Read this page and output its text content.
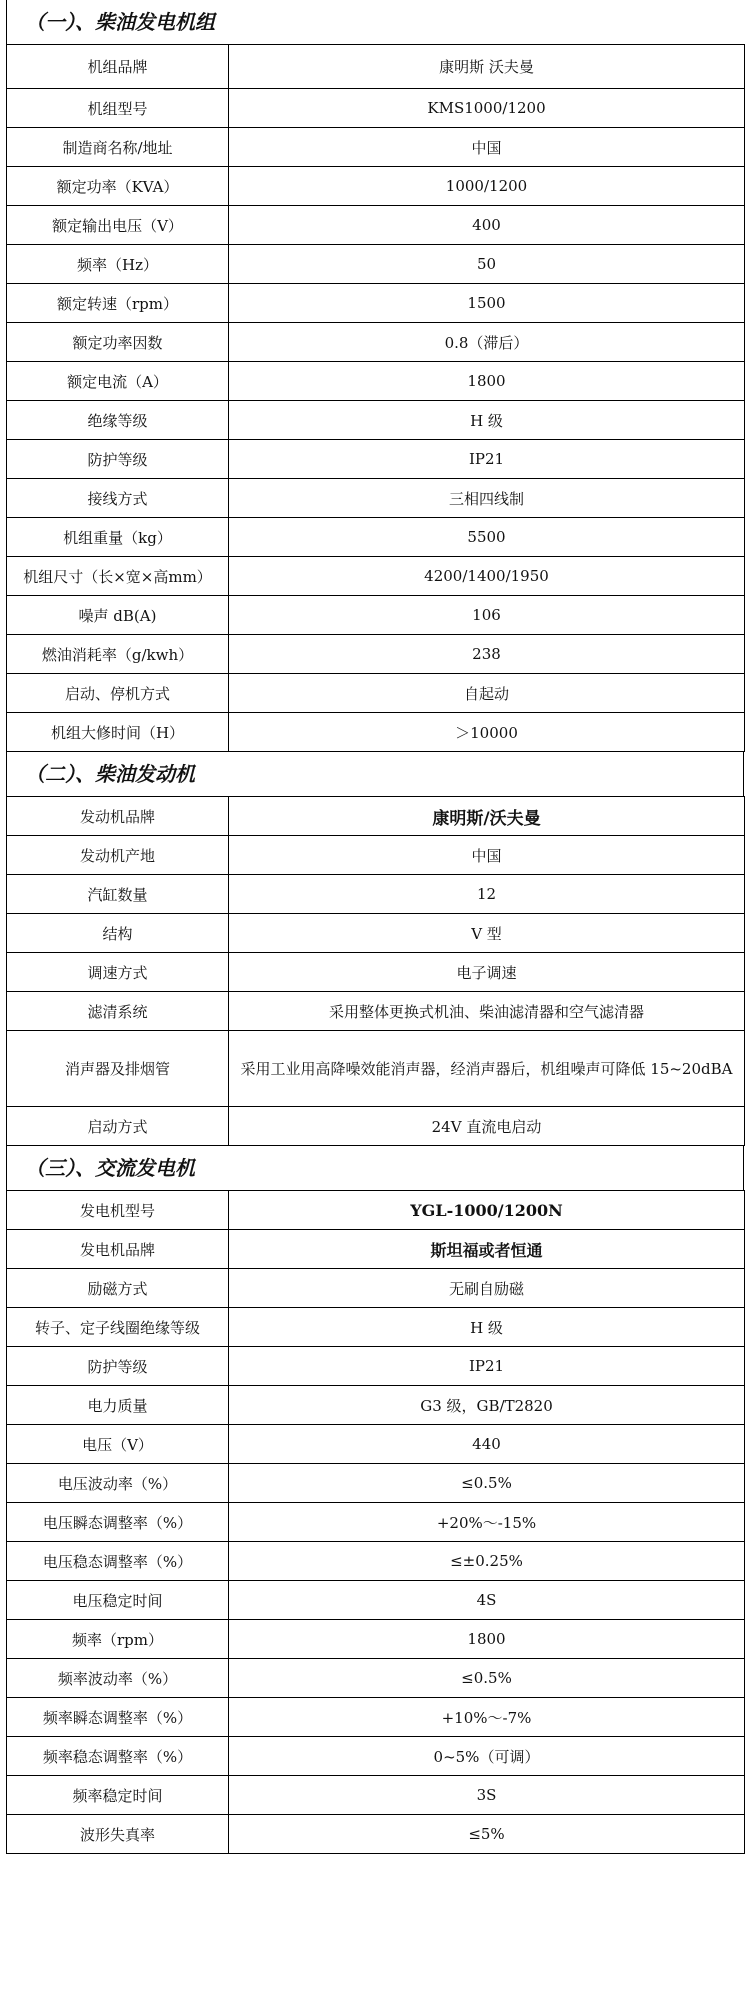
（一）、柴油发电机组
机组品牌	康明斯 沃夫曼
机组型号	KMS1000/1200
制造商名称/地址	中国
额定功率（KVA）	1000/1200
额定输出电压（V）	400
频率（Hz）	50
额定转速（rpm）	1500
额定功率因数	0.8（滞后）
额定电流（A）	1800
绝缘等级	H 级
防护等级	IP21
接线方式	三相四线制
机组重量（kg）	5500
机组尺寸（长×宽×高mm）	4200/1400/1950
噪声 dB(A)	106
燃油消耗率（g/kwh）	238
启动、停机方式	自起动
机组大修时间（H）	＞10000
（二）、柴油发动机
发动机品牌	康明斯/沃夫曼
发动机产地	中国
汽缸数量	12
结构	V 型
调速方式	电子调速
滤清系统	采用整体更换式机油、柴油滤清器和空气滤清器
消声器及排烟管	采用工业用高降噪效能消声器，经消声器后，机组噪声可降低 15~20dBA
启动方式	24V 直流电启动
（三）、交流发电机
发电机型号	YGL-1000/1200N
发电机品牌	斯坦福或者恒通
励磁方式	无刷自励磁
转子、定子线圈绝缘等级	H 级
防护等级	IP21
电力质量	G3 级，GB/T2820
电压（V）	440
电压波动率（%）	≤0.5%
电压瞬态调整率（%）	+20%～-15%
电压稳态调整率（%）	≤±0.25%
电压稳定时间	4S
频率（rpm）	1800
频率波动率（%）	≤0.5%
频率瞬态调整率（%）	+10%～-7%
频率稳态调整率（%）	0~5%（可调）
频率稳定时间	3S
波形失真率	≤5%
